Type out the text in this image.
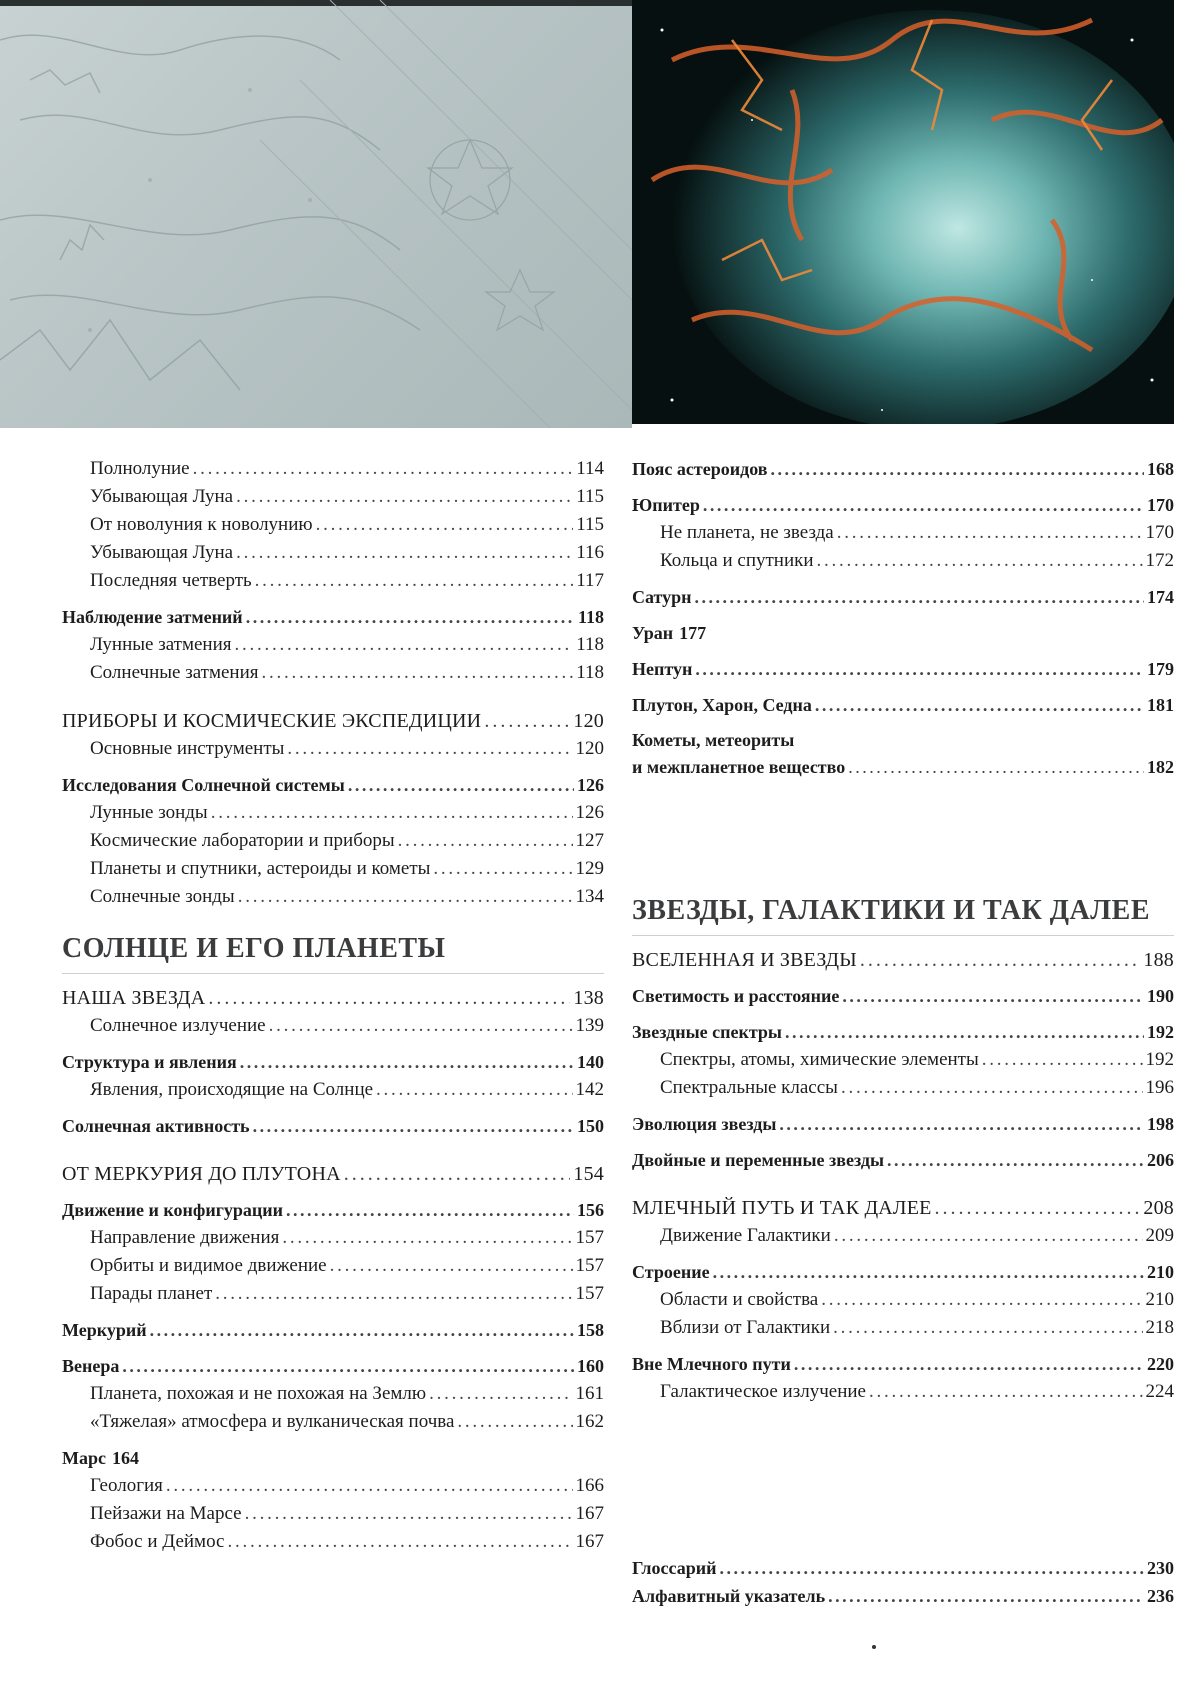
Полнолуние . . .	114
Убывающая Луна . . .	115
От новолуния к новолунию . . .	115
Убывающая Луна . . .	116
Последняя четверть . . .	117
Наблюдение затмений . . .	118
Лунные затмения . . .	118
Солнечные затмения . . .	118
ПРИБОРЫ И КОСМИЧЕСКИЕ ЭКСПЕДИЦИИ . . .	120
Основные инструменты . . .	120
Исследования Солнечной системы . . .	126
Лунные зонды . . .	126
Космические лаборатории и приборы . . .	127
Планеты и спутники, астероиды и кометы . . .	129
Солнечные зонды . . .	134
СОЛНЦЕ И ЕГО ПЛАНЕТЫ
НАША ЗВЕЗДА . . .	138
Солнечное излучение . . .	139
Структура и явления . . .	140
Явления, происходящие на Солнце . . .	142
Солнечная активность . . .	150
ОТ МЕРКУРИЯ ДО ПЛУТОНА . . .	154
Движение и конфигурации . . .	156
Направление движения . . .	157
Орбиты и видимое движение . . .	157
Парады планет . . .	157
Меркурий . . .	158
Венера . . .	160
Планета, похожая и не похожая на Землю . . .	161
«Тяжелая» атмосфера и вулканическая почва . . .	162
Марс 164
Геология . . .	166
Пейзажи на Марсе . . .	167
Фобос и Деймос . . .	167
Пояс астероидов . . .	168
Юпитер . . .	170
Не планета, не звезда . . .	170
Кольца и спутники . . .	172
Сатурн . . .	174
Уран 177
Нептун . . .	179
Плутон, Харон, Седна . . .	181
Кометы, метеориты
и межпланетное вещество . . .	182
ЗВЕЗДЫ, ГАЛАКТИКИ И ТАК ДАЛЕЕ
ВСЕЛЕННАЯ И ЗВЕЗДЫ . . .	188
Светимость и расстояние . . .	190
Звездные спектры . . .	192
Спектры, атомы, химические элементы . . .	192
Спектральные классы . . .	196
Эволюция звезды . . .	198
Двойные и переменные звезды . . .	206
МЛЕЧНЫЙ ПУТЬ И ТАК ДАЛЕЕ . . .	208
Движение Галактики . . .	209
Строение . . .	210
Области и свойства . . .	210
Вблизи от Галактики . . .	218
Вне Млечного пути . . .	220
Галактическое излучение . . .	224
Глоссарий . . .	230
Алфавитный указатель . . .	236
